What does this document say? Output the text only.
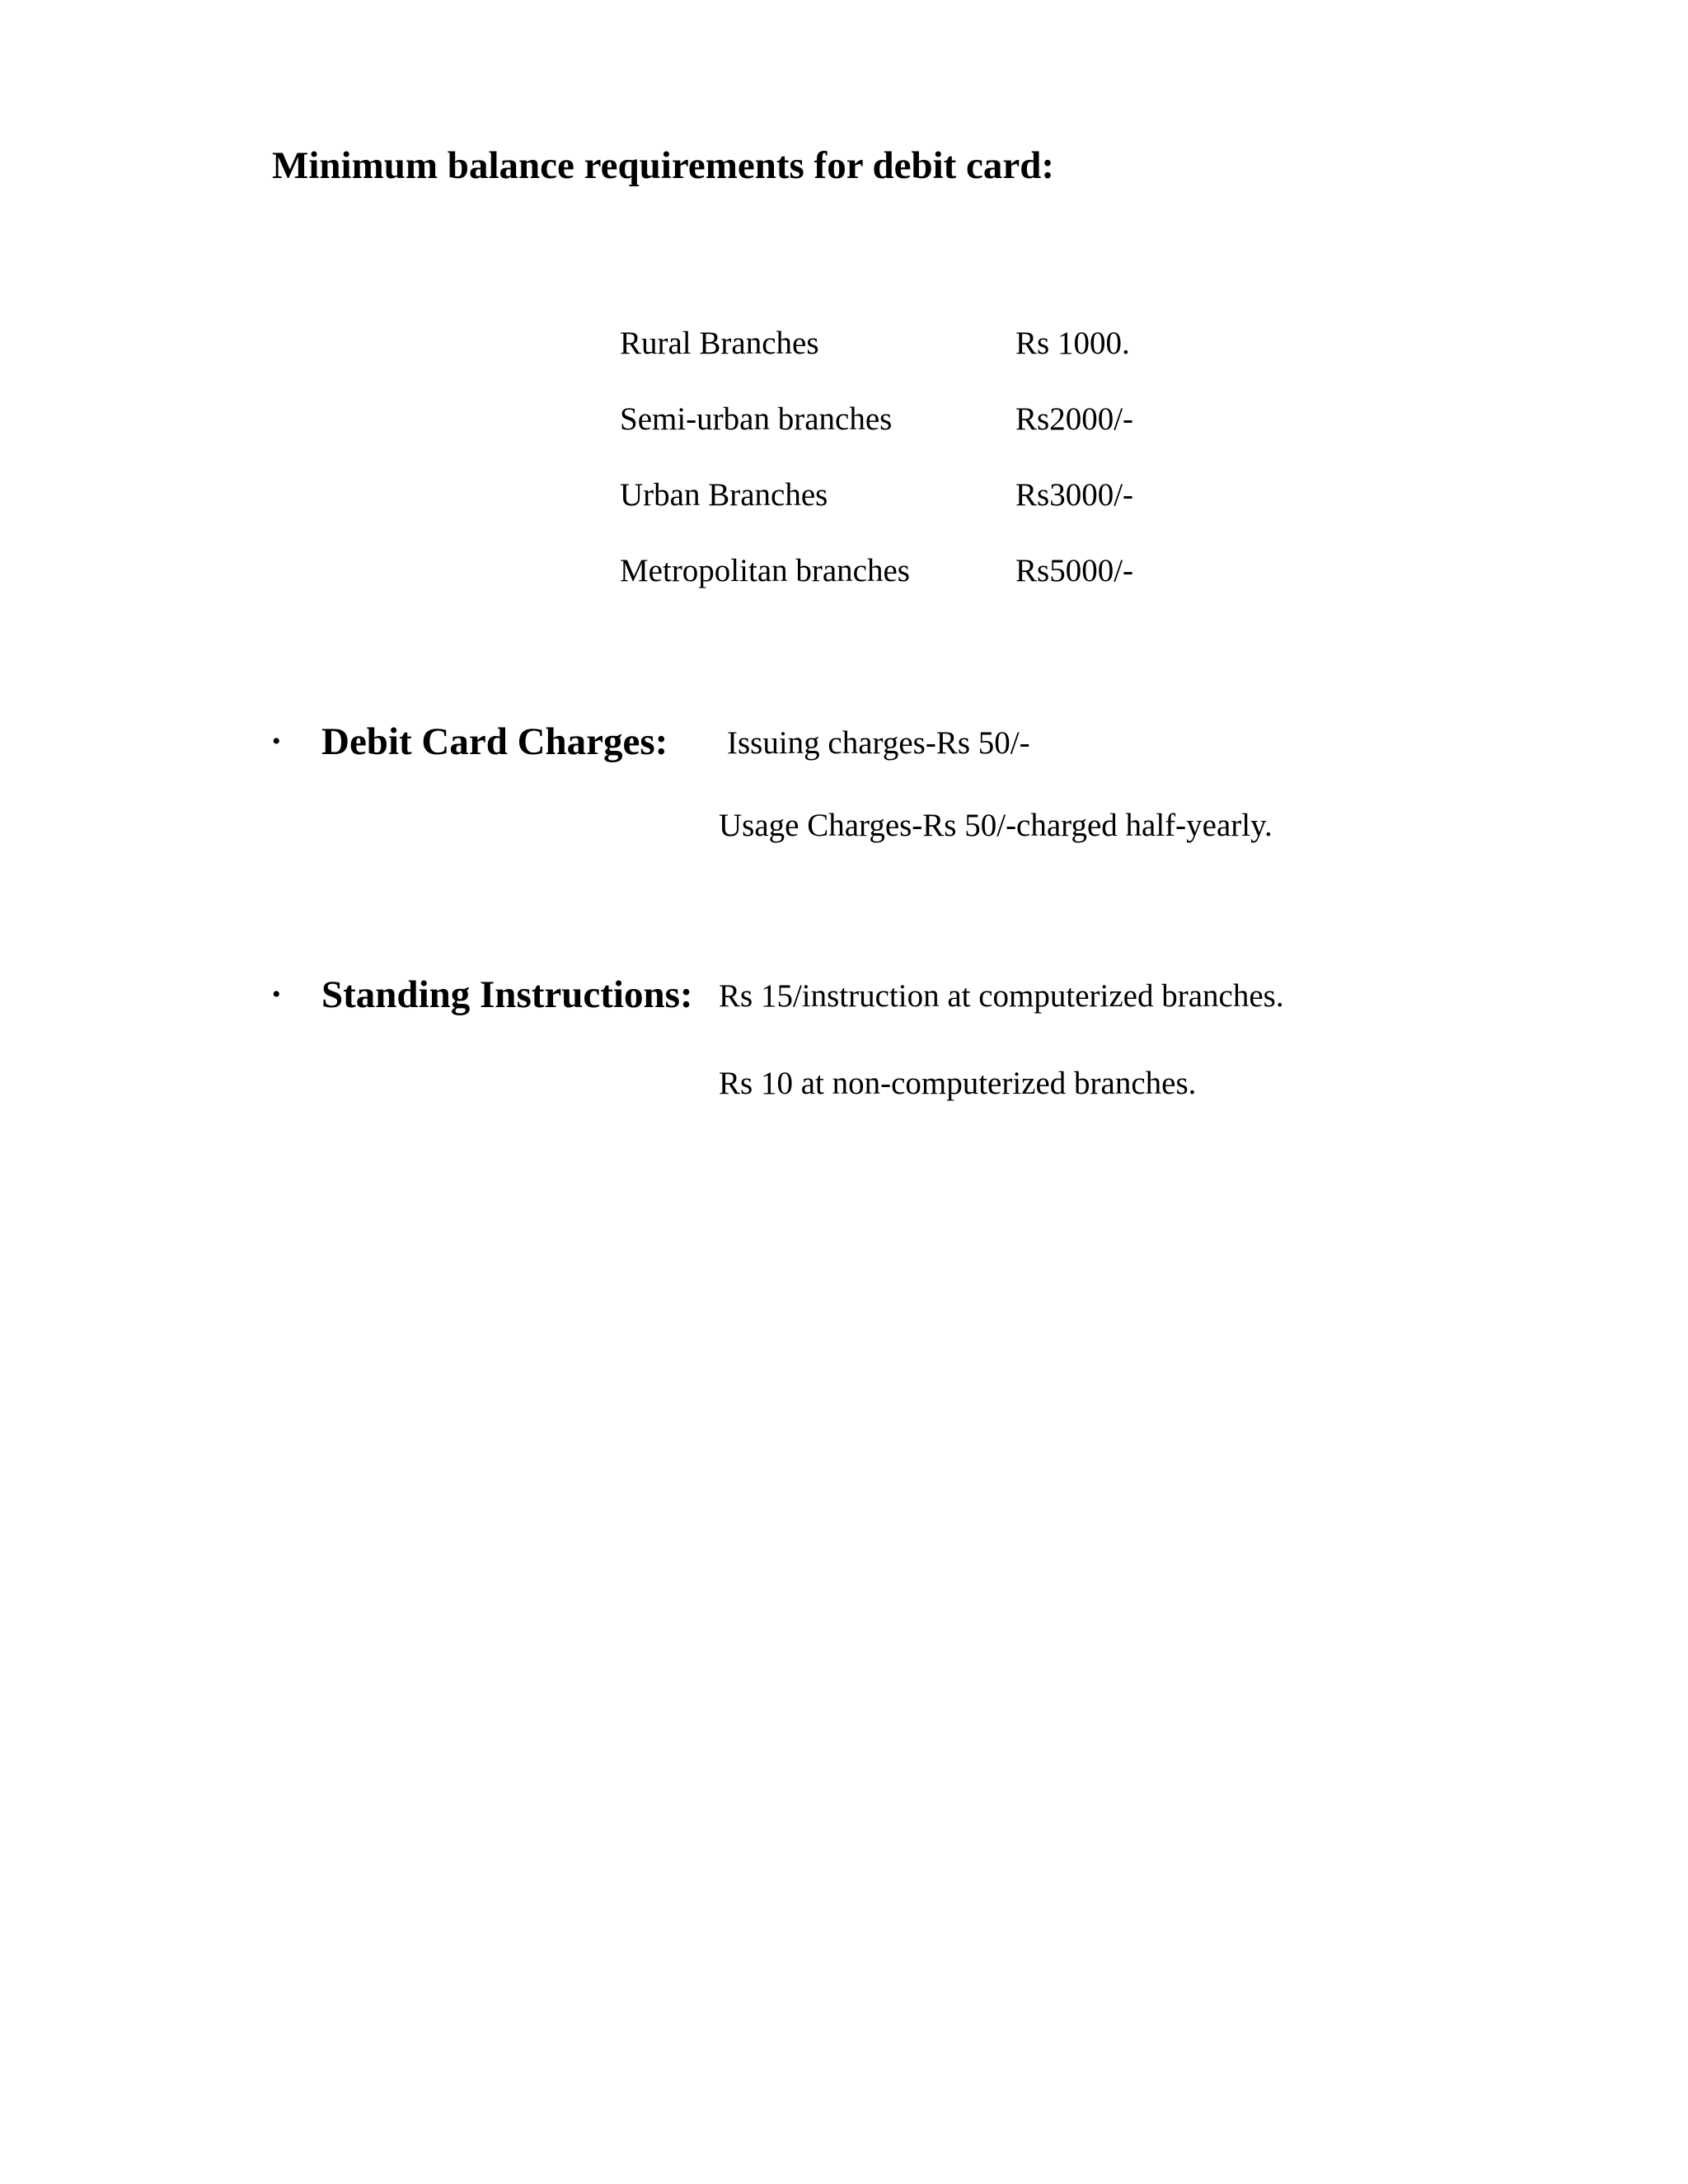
Minimum balance requirements for debit card:
Rural Branches	Rs 1000.
Semi-urban branches	Rs2000/-
Urban Branches	Rs3000/-
Metropolitan branches	Rs5000/-
• Debit Card Charges: Issuing charges-Rs 50/-
Usage Charges-Rs 50/-charged half-yearly.
• Standing Instructions: Rs 15/instruction at computerized branches.
Rs 10 at non-computerized branches.
